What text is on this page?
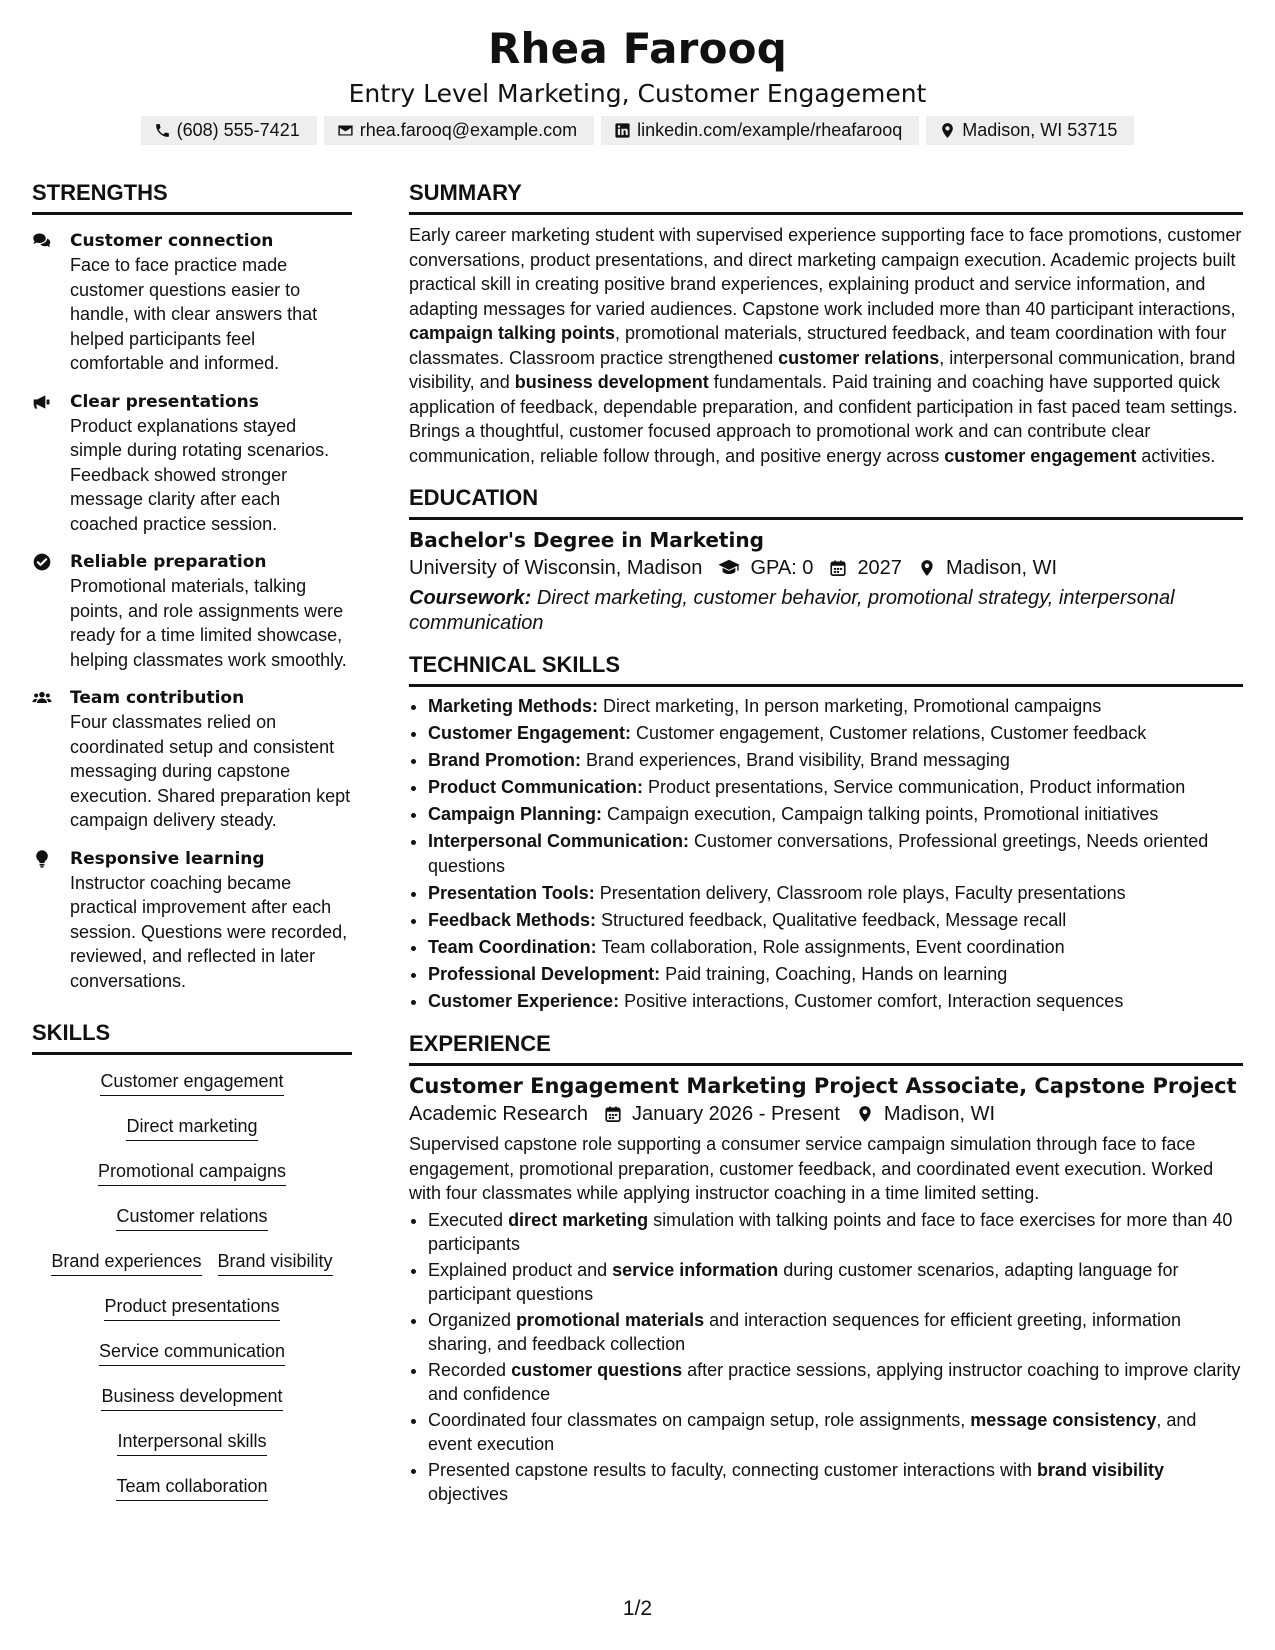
Rhea Farooq
Entry Level Marketing, Customer Engagement
(608) 555-7421	rhea.farooq@example.com	linkedin.com/example/rheafarooq	Madison, WI 53715
STRENGTHS
Customer connection
Face to face practice made customer questions easier to handle, with clear answers that helped participants feel comfortable and informed.
Clear presentations
Product explanations stayed simple during rotating scenarios. Feedback showed stronger message clarity after each coached practice session.
Reliable preparation
Promotional materials, talking points, and role assignments were ready for a time limited showcase, helping classmates work smoothly.
Team contribution
Four classmates relied on coordinated setup and consistent messaging during capstone execution. Shared preparation kept campaign delivery steady.
Responsive learning
Instructor coaching became practical improvement after each session. Questions were recorded, reviewed, and reflected in later conversations.
SKILLS
Customer engagement
Direct marketing
Promotional campaigns
Customer relations
Brand experiences Brand visibility
Product presentations
Service communication
Business development
Interpersonal skills
Team collaboration
SUMMARY

Early career marketing student with supervised experience supporting face to face promotions, customer conversations, product presentations, and direct marketing campaign execution. Academic projects built practical skill in creating positive brand experiences, explaining product and service information, and adapting messages for varied audiences. Capstone work included more than 40 participant interactions, campaign talking points, promotional materials, structured feedback, and team coordination with four classmates. Classroom practice strengthened customer relations, interpersonal communication, brand visibility, and business development fundamentals. Paid training and coaching have supported quick application of feedback, dependable preparation, and confident participation in fast paced team settings. Brings a thoughtful, customer focused approach to promotional work and can contribute clear communication, reliable follow through, and positive energy across customer engagement activities.

EDUCATION
Bachelor's Degree in Marketing
University of Wisconsin, Madison GPA: 0 2027 Madison, WI
Coursework: Direct marketing, customer behavior, promotional strategy, interpersonal communication
TECHNICAL SKILLS
• Marketing Methods: Direct marketing, In person marketing, Promotional campaigns
• Customer Engagement: Customer engagement, Customer relations, Customer feedback
• Brand Promotion: Brand experiences, Brand visibility, Brand messaging
• Product Communication: Product presentations, Service communication, Product information
• Campaign Planning: Campaign execution, Campaign talking points, Promotional initiatives
• Interpersonal Communication: Customer conversations, Professional greetings, Needs oriented questions
• Presentation Tools: Presentation delivery, Classroom role plays, Faculty presentations
• Feedback Methods: Structured feedback, Qualitative feedback, Message recall
• Team Coordination: Team collaboration, Role assignments, Event coordination
• Professional Development: Paid training, Coaching, Hands on learning
• Customer Experience: Positive interactions, Customer comfort, Interaction sequences
EXPERIENCE
Customer Engagement Marketing Project Associate, Capstone Project
Academic Research January 2026 - Present Madison, WI
Supervised capstone role supporting a consumer service campaign simulation through face to face engagement, promotional preparation, customer feedback, and coordinated event execution. Worked with four classmates while applying instructor coaching in a time limited setting.
• Executed direct marketing simulation with talking points and face to face exercises for more than 40 participants
• Explained product and service information during customer scenarios, adapting language for participant questions
• Organized promotional materials and interaction sequences for efficient greeting, information sharing, and feedback collection
• Recorded customer questions after practice sessions, applying instructor coaching to improve clarity and confidence
• Coordinated four classmates on campaign setup, role assignments, message consistency, and event execution
• Presented capstone results to faculty, connecting customer interactions with brand visibility objectives
1/2
